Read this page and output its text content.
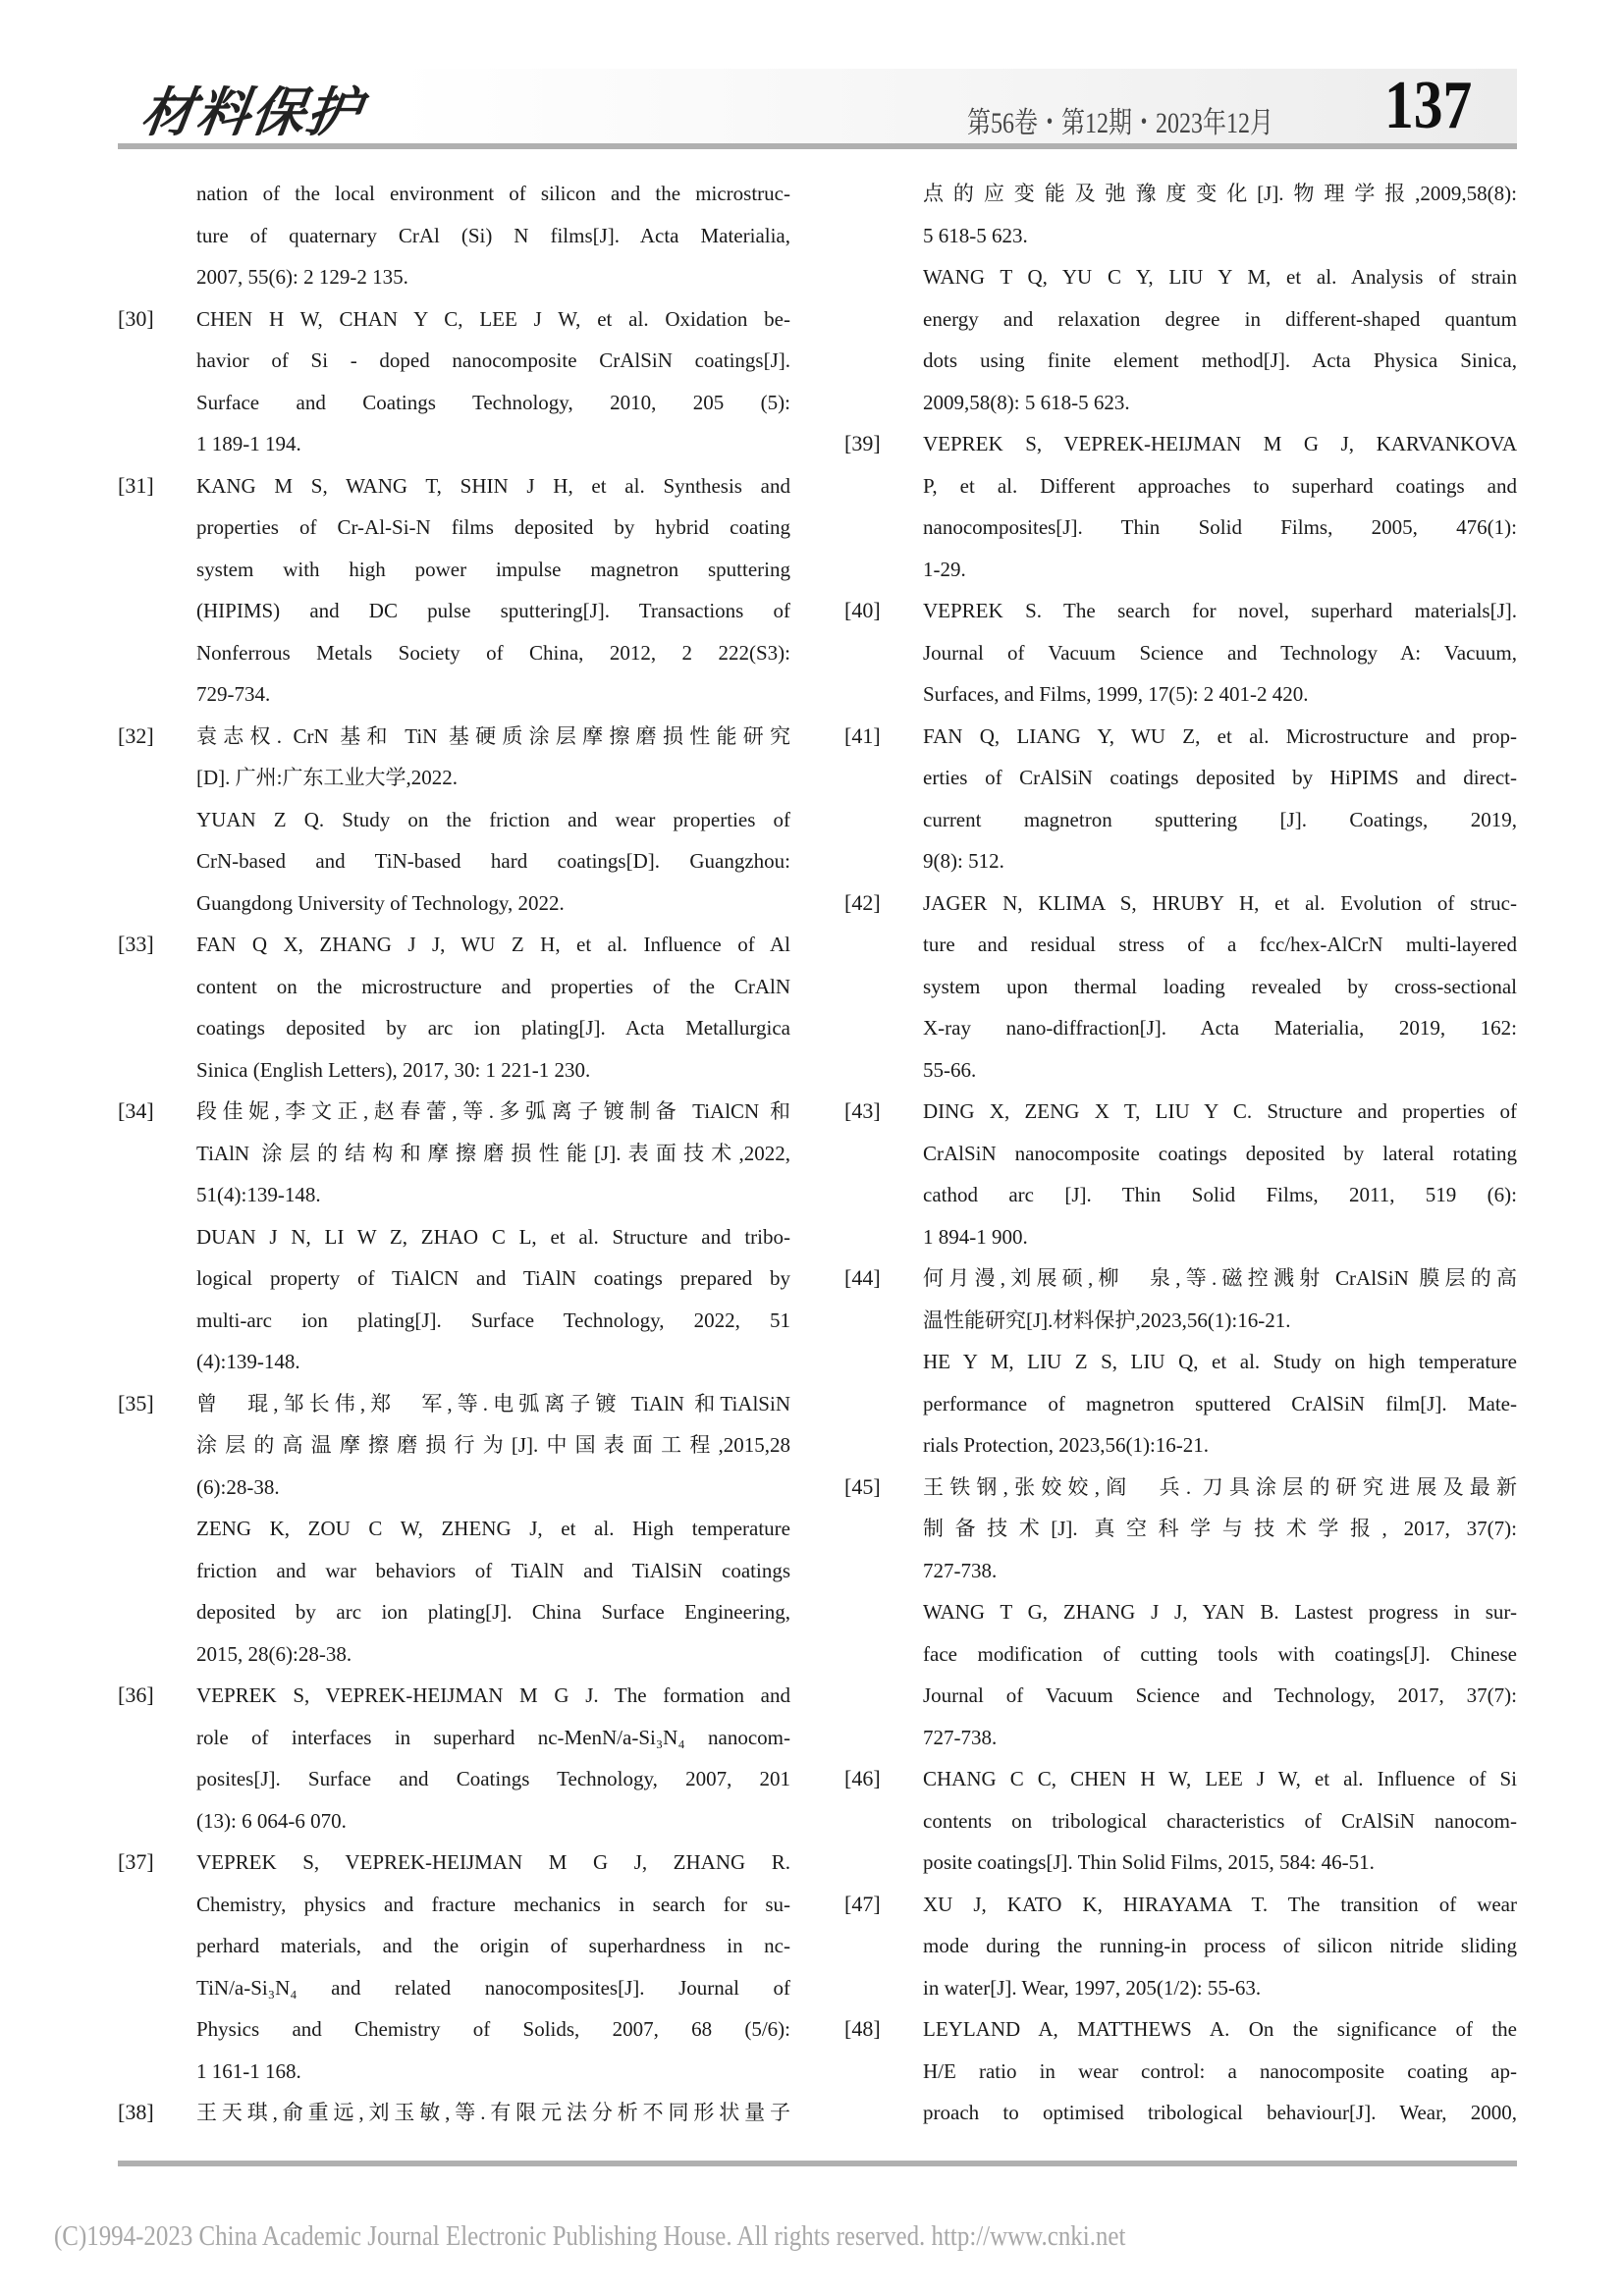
材料保护	第56卷・第12期・2023年12月 137
nation of the local environment of silicon and the microstruc-
ture of quaternary CrAl (Si) N films[J]. Acta Materialia,
2007, 55(6): 2 129-2 135.
[30] CHEN H W, CHAN Y C, LEE J W, et al. Oxidation be-
havior of Si - doped nanocomposite CrAlSiN coatings[J].
Surface and Coatings Technology, 2010, 205 (5):
1 189-1 194.
[31] KANG M S, WANG T, SHIN J H, et al. Synthesis and
properties of Cr-Al-Si-N films deposited by hybrid coating
system with high power impulse magnetron sputtering
(HIPIMS) and DC pulse sputtering[J]. Transactions of
Nonferrous Metals Society of China, 2012, 2 222(S3):
729-734.
[32] 袁志权. CrN 基和 TiN 基硬质涂层摩擦磨损性能研究
[D]. 广州:广东工业大学,2022.
YUAN Z Q. Study on the friction and wear properties of
CrN-based and TiN-based hard coatings[D]. Guangzhou:
Guangdong University of Technology, 2022.
[33] FAN Q X, ZHANG J J, WU Z H, et al. Influence of Al
content on the microstructure and properties of the CrAlN
coatings deposited by arc ion plating[J]. Acta Metallurgica
Sinica (English Letters), 2017, 30: 1 221-1 230.
[34] 段佳妮,李文正,赵春蕾,等.多弧离子镀制备 TiAlCN 和
TiAlN 涂层的结构和摩擦磨损性能[J].表面技术,2022,
51(4):139-148.
DUAN J N, LI W Z, ZHAO C L, et al. Structure and tribo-
logical property of TiAlCN and TiAlN coatings prepared by
multi-arc ion plating[J]. Surface Technology, 2022, 51
(4):139-148.
[35] 曾　琨,邹长伟,郑　军,等.电弧离子镀 TiAlN 和TiAlSiN
涂层的高温摩擦磨损行为[J].中国表面工程,2015,28
(6):28-38.
ZENG K, ZOU C W, ZHENG J, et al. High temperature
friction and war behaviors of TiAlN and TiAlSiN coatings
deposited by arc ion plating[J]. China Surface Engineering,
2015, 28(6):28-38.
[36] VEPREK S, VEPREK-HEIJMAN M G J. The formation and
role of interfaces in superhard nc-MenN/a-Si₃N₄ nanocom-
posites[J]. Surface and Coatings Technology, 2007, 201
(13): 6 064-6 070.
[37] VEPREK S, VEPREK-HEIJMAN M G J, ZHANG R.
Chemistry, physics and fracture mechanics in search for su-
perhard materials, and the origin of superhardness in nc-
TiN/a-Si₃N₄ and related nanocomposites[J]. Journal of
Physics and Chemistry of Solids, 2007, 68 (5/6):
1 161-1 168.
[38] 王天琪,俞重远,刘玉敏,等.有限元法分析不同形状量子
点的应变能及弛豫度变化[J].物理学报,2009,58(8):
5 618-5 623.
WANG T Q, YU C Y, LIU Y M, et al. Analysis of strain
energy and relaxation degree in different-shaped quantum
dots using finite element method[J]. Acta Physica Sinica,
2009,58(8): 5 618-5 623.
[39] VEPREK S, VEPREK-HEIJMAN M G J, KARVANKOVA
P, et al. Different approaches to superhard coatings and
nanocomposites[J]. Thin Solid Films, 2005, 476(1):
1-29.
[40] VEPREK S. The search for novel, superhard materials[J].
Journal of Vacuum Science and Technology A: Vacuum,
Surfaces, and Films, 1999, 17(5): 2 401-2 420.
[41] FAN Q, LIANG Y, WU Z, et al. Microstructure and prop-
erties of CrAlSiN coatings deposited by HiPIMS and direct-
current magnetron sputtering [J]. Coatings, 2019,
9(8): 512.
[42] JAGER N, KLIMA S, HRUBY H, et al. Evolution of struc-
ture and residual stress of a fcc/hex-AlCrN multi-layered
system upon thermal loading revealed by cross-sectional
X-ray nano-diffraction[J]. Acta Materialia, 2019, 162:
55-66.
[43] DING X, ZENG X T, LIU Y C. Structure and properties of
CrAlSiN nanocomposite coatings deposited by lateral rotating
cathod arc [J]. Thin Solid Films, 2011, 519 (6):
1 894-1 900.
[44] 何月漫,刘展硕,柳　泉,等.磁控溅射 CrAlSiN 膜层的高
温性能研究[J].材料保护,2023,56(1):16-21.
HE Y M, LIU Z S, LIU Q, et al. Study on high temperature
performance of magnetron sputtered CrAlSiN film[J]. Mate-
rials Protection, 2023,56(1):16-21.
[45] 王铁钢,张姣姣,阎　兵. 刀具涂层的研究进展及最新
制备技术[J]. 真空科学与技术学报, 2017, 37(7):
727-738.
WANG T G, ZHANG J J, YAN B. Lastest progress in sur-
face modification of cutting tools with coatings[J]. Chinese
Journal of Vacuum Science and Technology, 2017, 37(7):
727-738.
[46] CHANG C C, CHEN H W, LEE J W, et al. Influence of Si
contents on tribological characteristics of CrAlSiN nanocom-
posite coatings[J]. Thin Solid Films, 2015, 584: 46-51.
[47] XU J, KATO K, HIRAYAMA T. The transition of wear
mode during the running-in process of silicon nitride sliding
in water[J]. Wear, 1997, 205(1/2): 55-63.
[48] LEYLAND A, MATTHEWS A. On the significance of the
H/E ratio in wear control: a nanocomposite coating ap-
proach to optimised tribological behaviour[J]. Wear, 2000,
(C)1994-2023 China Academic Journal Electronic Publishing House. All rights reserved. http://www.cnki.net
